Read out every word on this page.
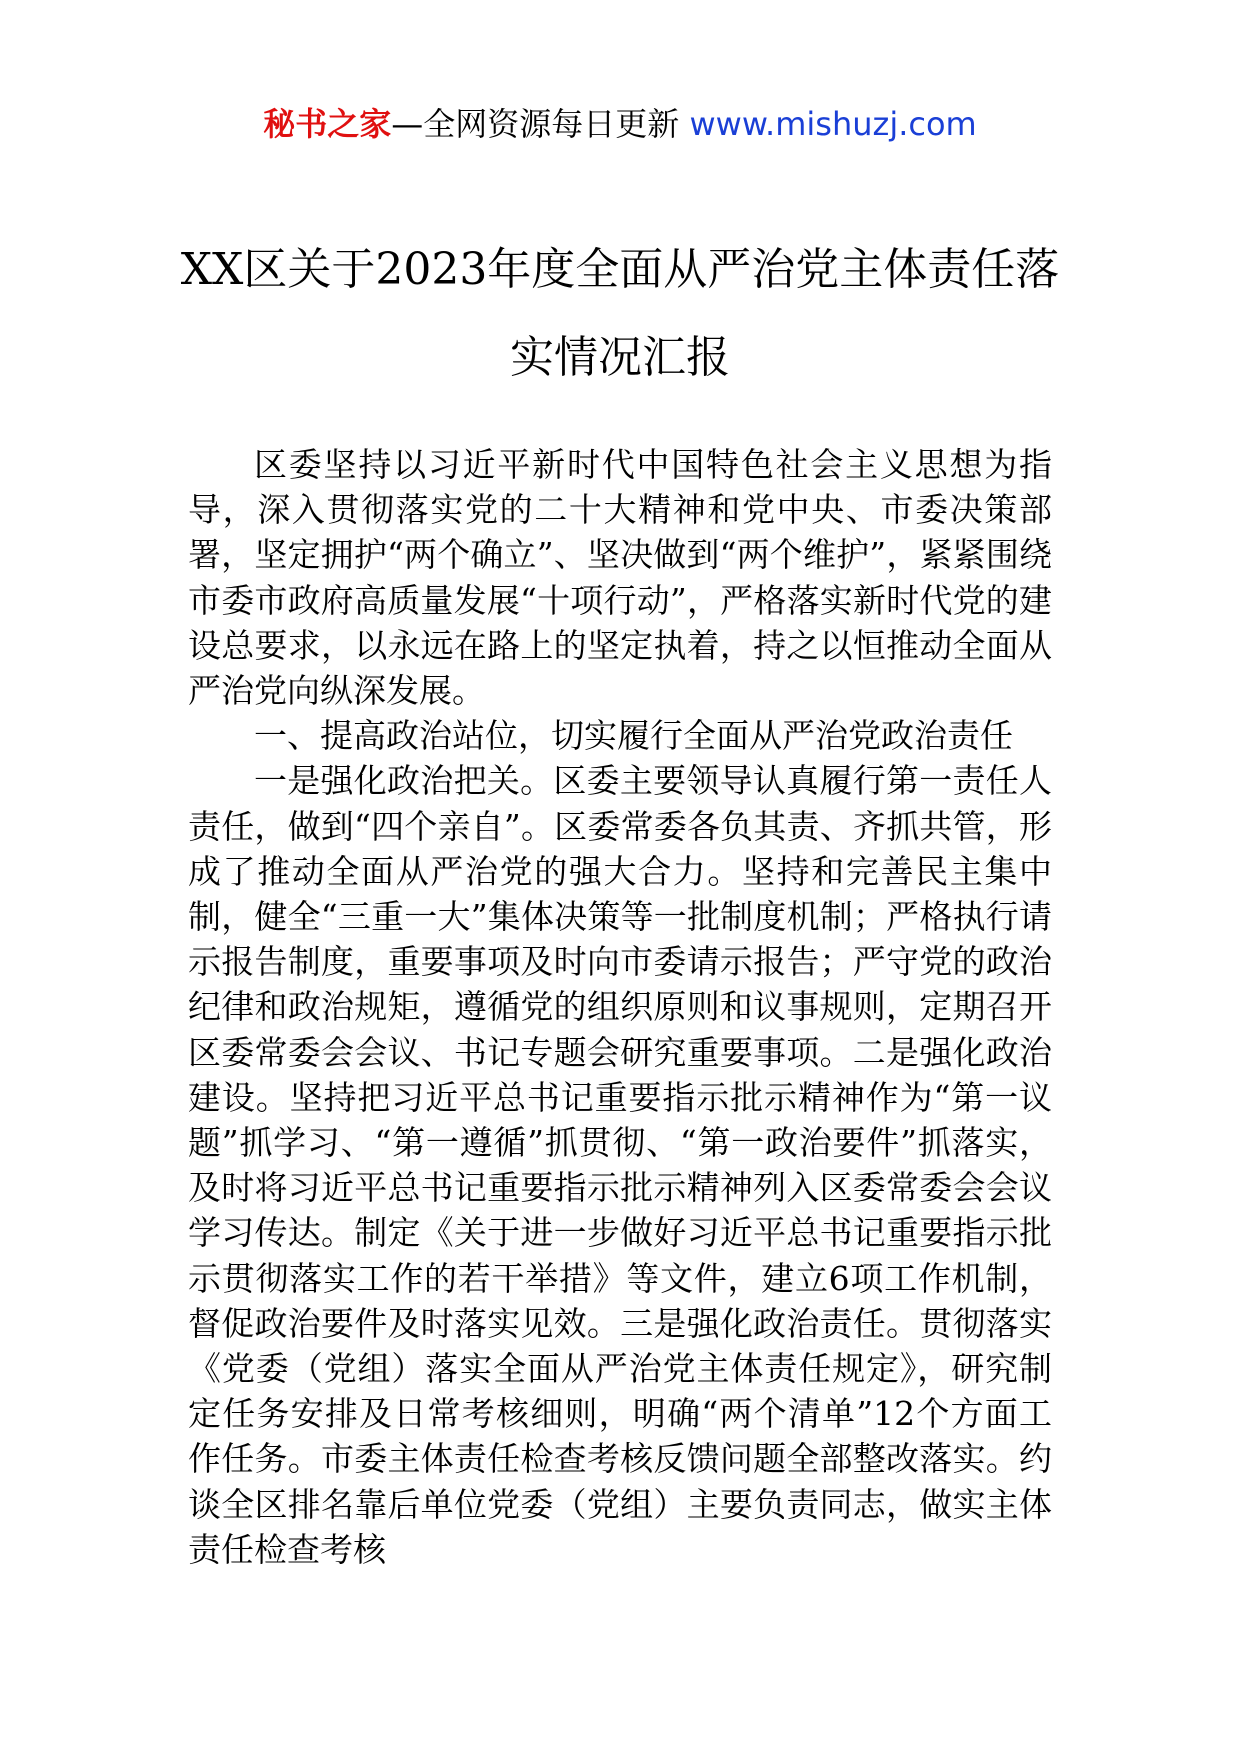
秘书之家—全网资源每日更新 www.mishuzj.com
XX区关于2023年度全面从严治党主体责任落实情况汇报

区委坚持以习近平新时代中国特色社会主义思想为指导，深入贯彻落实党的二十大精神和党中央、市委决策部署，坚定拥护“两个确立”、坚决做到“两个维护”，紧紧围绕市委市政府高质量发展“十项行动”，严格落实新时代党的建设总要求，以永远在路上的坚定执着，持之以恒推动全面从严治党向纵深发展。

一、提高政治站位，切实履行全面从严治党政治责任

一是强化政治把关。区委主要领导认真履行第一责任人责任，做到“四个亲自”。区委常委各负其责、齐抓共管，形成了推动全面从严治党的强大合力。坚持和完善民主集中制，健全“三重一大”集体决策等一批制度机制；严格执行请示报告制度，重要事项及时向市委请示报告；严守党的政治纪律和政治规矩，遵循党的组织原则和议事规则，定期召开区委常委会会议、书记专题会研究重要事项。二是强化政治建设。坚持把习近平总书记重要指示批示精神作为“第一议题”抓学习、“第一遵循”抓贯彻、“第一政治要件”抓落实，及时将习近平总书记重要指示批示精神列入区委常委会会议学习传达。制定《关于进一步做好习近平总书记重要指示批示贯彻落实工作的若干举措》等文件，建立6项工作机制，督促政治要件及时落实见效。三是强化政治责任。贯彻落实《党委（党组）落实全面从严治党主体责任规定》，研究制定任务安排及日常考核细则，明确“两个清单”12个方面工作任务。市委主体责任检查考核反馈问题全部整改落实。约谈全区排名靠后单位党委（党组）主要负责同志，做实主体责任检查考核
